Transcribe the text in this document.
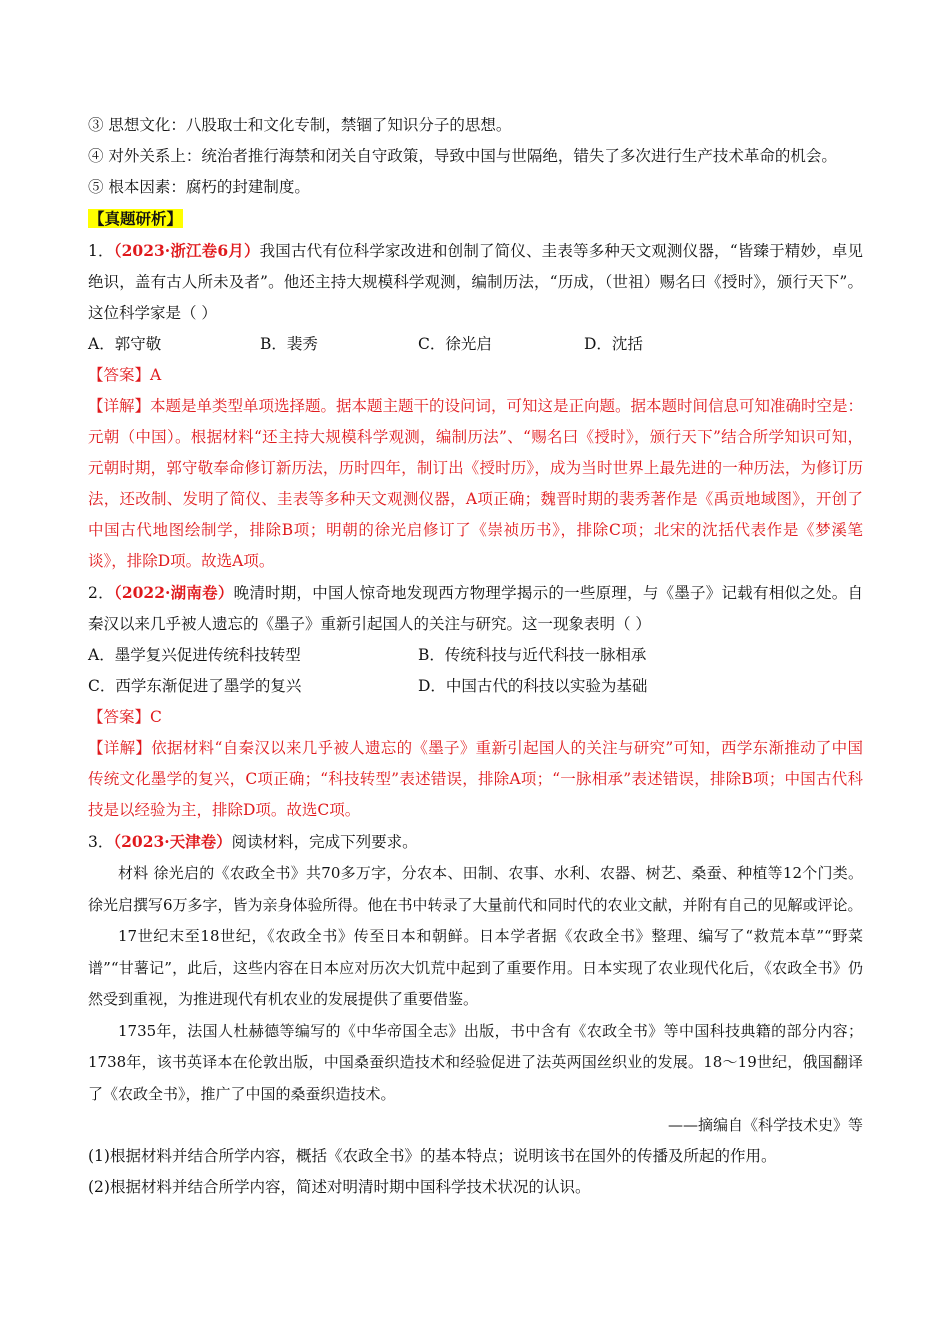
③ 思想文化：八股取士和文化专制，禁锢了知识分子的思想。
④ 对外关系上：统治者推行海禁和闭关自守政策，导致中国与世隔绝，错失了多次进行生产技术革命的机会。
⑤ 根本因素：腐朽的封建制度。
【真题研析】
1．（2023·浙江卷6月）我国古代有位科学家改进和创制了简仪、圭表等多种天文观测仪器，“皆臻于精妙，卓见绝识，盖有古人所未及者”。他还主持大规模科学观测，编制历法，“历成，（世祖）赐名曰《授时》，颁行天下”。这位科学家是（ ）
A．郭守敬	B．裴秀	C．徐光启	D．沈括
【答案】A
【详解】本题是单类型单项选择题。据本题主题干的设问词，可知这是正向题。据本题时间信息可知准确时空是：元朝（中国）。根据材料“还主持大规模科学观测，编制历法”、“赐名曰《授时》，颁行天下”结合所学知识可知，元朝时期，郭守敬奉命修订新历法，历时四年，制订出《授时历》，成为当时世界上最先进的一种历法，为修订历法，还改制、发明了简仪、圭表等多种天文观测仪器，A项正确；魏晋时期的裴秀著作是《禹贡地域图》，开创了中国古代地图绘制学，排除B项；明朝的徐光启修订了《崇祯历书》，排除C项；北宋的沈括代表作是《梦溪笔谈》，排除D项。故选A项。
2．（2022·湖南卷）晚清时期，中国人惊奇地发现西方物理学揭示的一些原理，与《墨子》记载有相似之处。自秦汉以来几乎被人遗忘的《墨子》重新引起国人的关注与研究。这一现象表明（ ）
A．墨学复兴促进传统科技转型	B．传统科技与近代科技一脉相承
C．西学东渐促进了墨学的复兴	D．中国古代的科技以实验为基础
【答案】C
【详解】依据材料“自秦汉以来几乎被人遗忘的《墨子》重新引起国人的关注与研究”可知，西学东渐推动了中国传统文化墨学的复兴，C项正确；“科技转型”表述错误，排除A项；“一脉相承”表述错误，排除B项；中国古代科技是以经验为主，排除D项。故选C项。
3．（2023·天津卷）阅读材料，完成下列要求。
材料 徐光启的《农政全书》共70多万字，分农本、田制、农事、水利、农器、树艺、桑蚕、种植等12个门类。徐光启撰写6万多字，皆为亲身体验所得。他在书中转录了大量前代和同时代的农业文献，并附有自己的见解或评论。
17世纪末至18世纪，《农政全书》传至日本和朝鲜。日本学者据《农政全书》整理、编写了“救荒本草”“野菜谱”“甘薯记”，此后，这些内容在日本应对历次大饥荒中起到了重要作用。日本实现了农业现代化后，《农政全书》仍然受到重视，为推进现代有机农业的发展提供了重要借鉴。
1735年，法国人杜赫德等编写的《中华帝国全志》出版，书中含有《农政全书》等中国科技典籍的部分内容；1738年，该书英译本在伦敦出版，中国桑蚕织造技术和经验促进了法英两国丝织业的发展。18～19世纪，俄国翻译了《农政全书》，推广了中国的桑蚕织造技术。
——摘编自《科学技术史》等
(1)根据材料并结合所学内容，概括《农政全书》的基本特点；说明该书在国外的传播及所起的作用。
(2)根据材料并结合所学内容，简述对明清时期中国科学技术状况的认识。
